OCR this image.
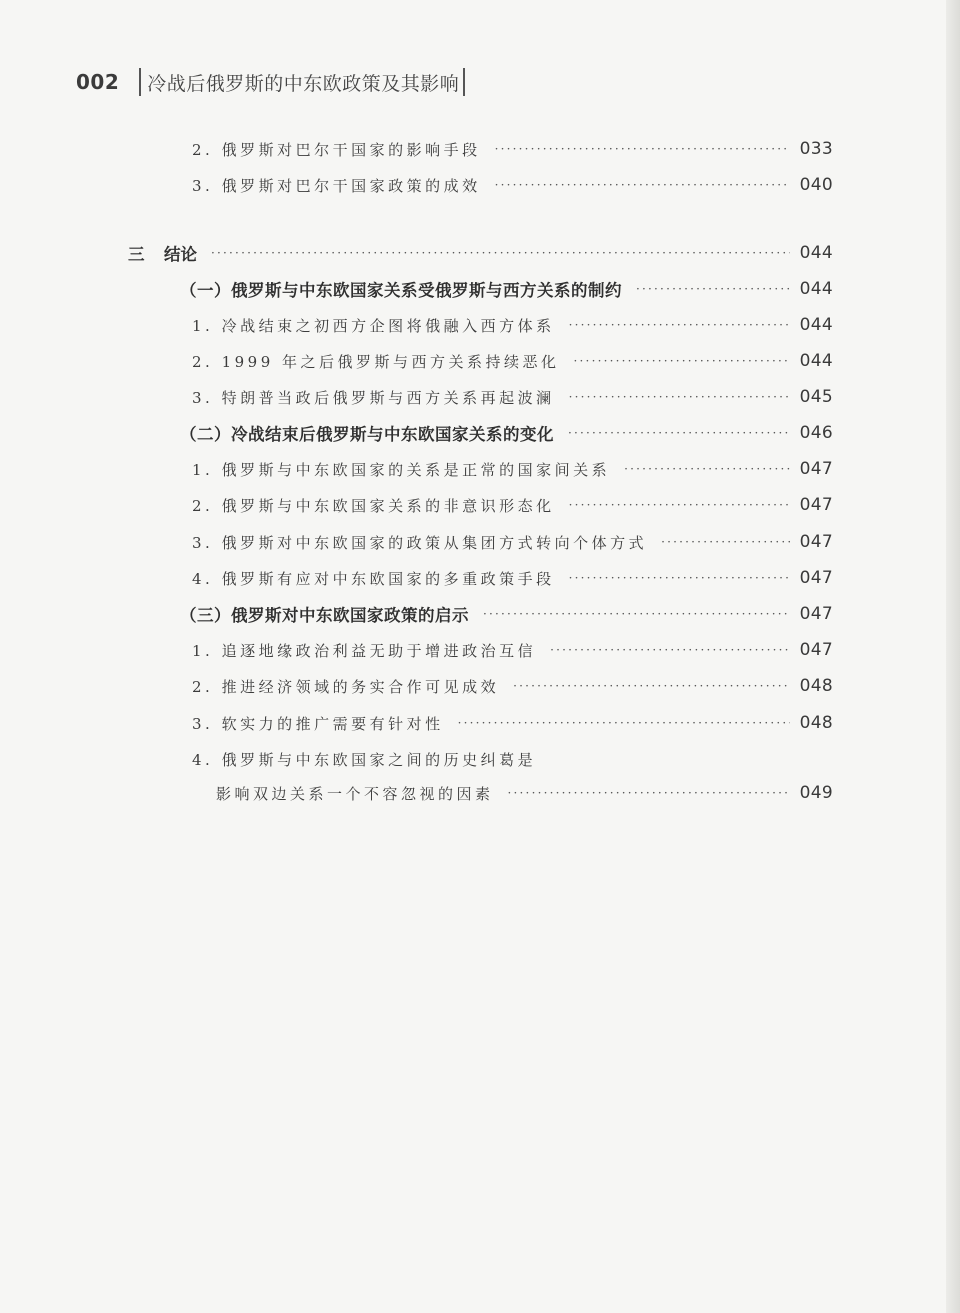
002 冷战后俄罗斯的中东欧政策及其影响
2. 俄罗斯对巴尔干国家的影响手段 ·····	033
3. 俄罗斯对巴尔干国家政策的成效 ·····	040
三 结论 ·····	044
（一）俄罗斯与中东欧国家关系受俄罗斯与西方关系的制约 ·····	044
1. 冷战结束之初西方企图将俄融入西方体系 ·····	044
2. 1999 年之后俄罗斯与西方关系持续恶化 ·····	044
3. 特朗普当政后俄罗斯与西方关系再起波澜 ·····	045
（二）冷战结束后俄罗斯与中东欧国家关系的变化 ·····	046
1. 俄罗斯与中东欧国家的关系是正常的国家间关系 ·····	047
2. 俄罗斯与中东欧国家关系的非意识形态化 ·····	047
3. 俄罗斯对中东欧国家的政策从集团方式转向个体方式 ·····	047
4. 俄罗斯有应对中东欧国家的多重政策手段 ·····	047
（三）俄罗斯对中东欧国家政策的启示 ·····	047
1. 追逐地缘政治利益无助于增进政治互信 ·····	047
2. 推进经济领域的务实合作可见成效 ·····	048
3. 软实力的推广需要有针对性 ·····	048
4. 俄罗斯与中东欧国家之间的历史纠葛是
影响双边关系一个不容忽视的因素 ·····	049
